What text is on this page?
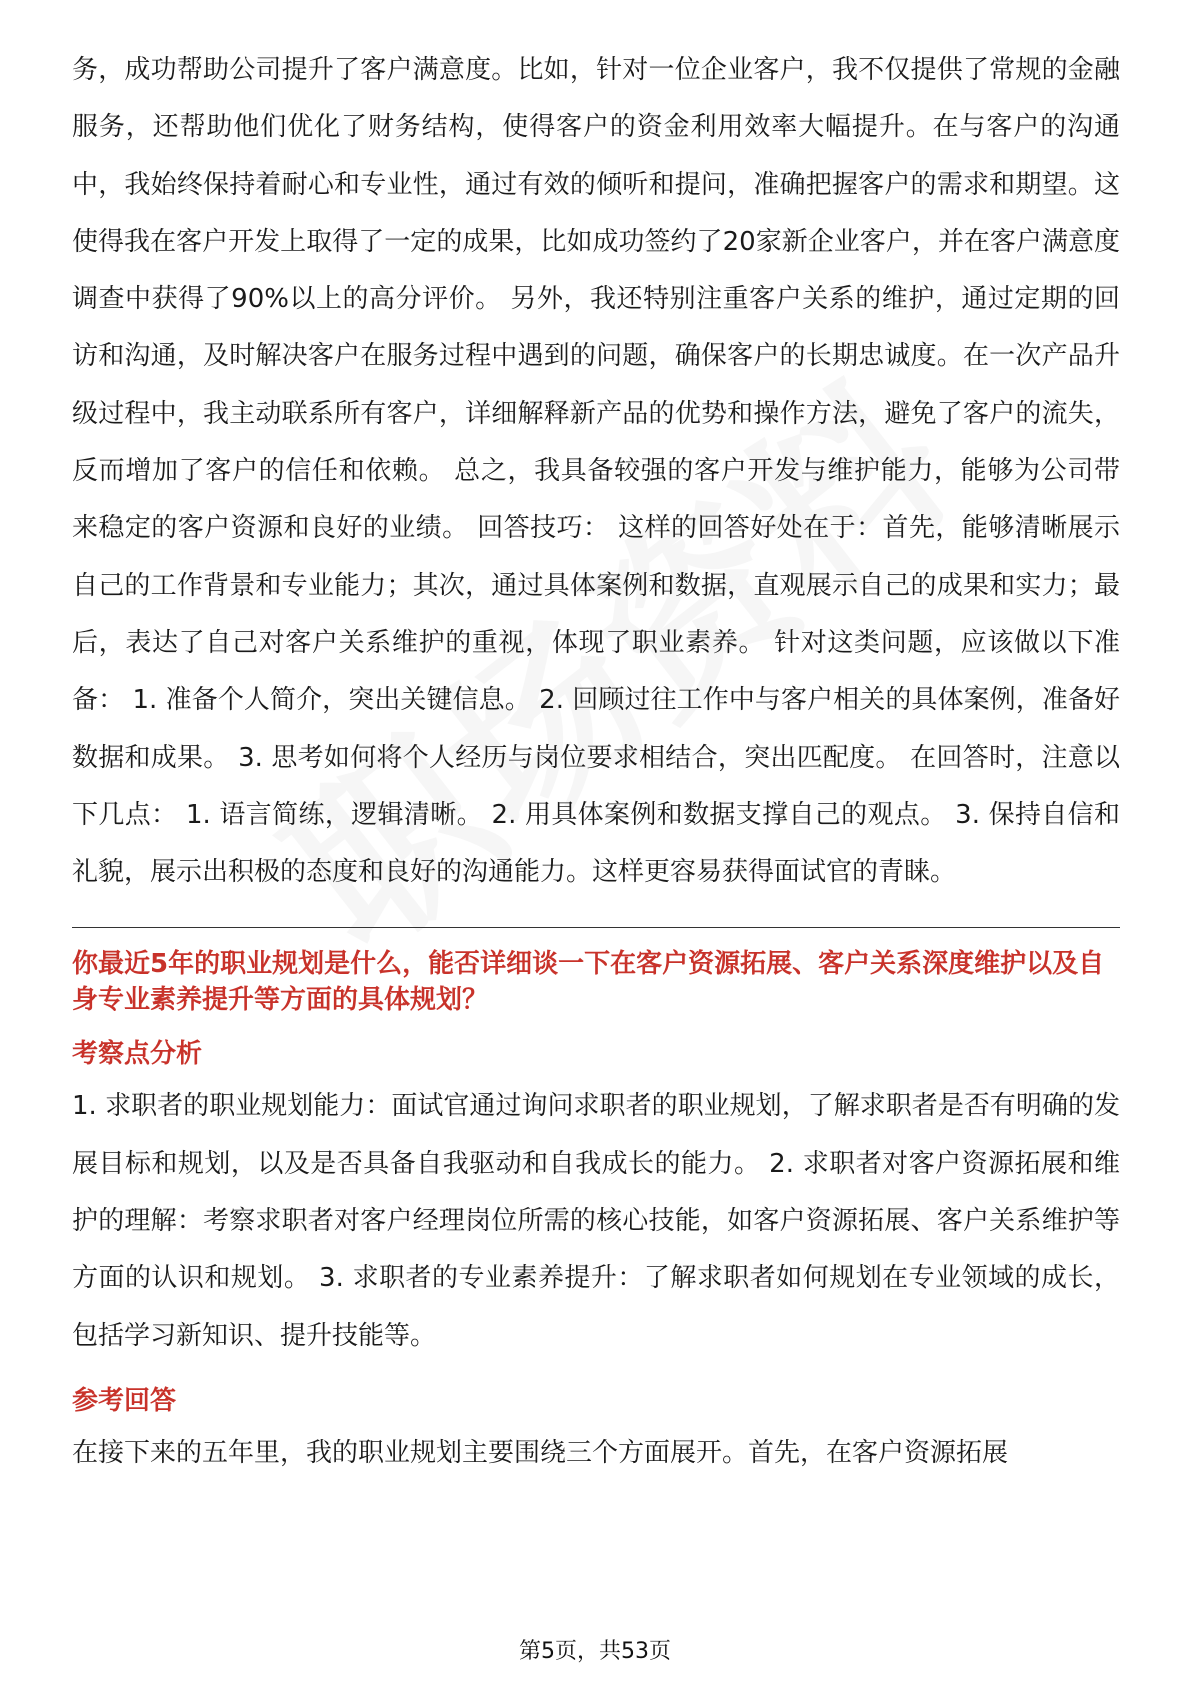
务，成功帮助公司提升了客户满意度。比如，针对一位企业客户，我不仅提供了常规的金融服务，还帮助他们优化了财务结构，使得客户的资金利用效率大幅提升。在与客户的沟通中，我始终保持着耐心和专业性，通过有效的倾听和提问，准确把握客户的需求和期望。这使得我在客户开发上取得了一定的成果，比如成功签约了20家新企业客户，并在客户满意度调查中获得了90%以上的高分评价。 另外，我还特别注重客户关系的维护，通过定期的回访和沟通，及时解决客户在服务过程中遇到的问题，确保客户的长期忠诚度。在一次产品升级过程中，我主动联系所有客户，详细解释新产品的优势和操作方法，避免了客户的流失，反而增加了客户的信任和依赖。 总之，我具备较强的客户开发与维护能力，能够为公司带来稳定的客户资源和良好的业绩。 回答技巧： 这样的回答好处在于：首先，能够清晰展示自己的工作背景和专业能力；其次，通过具体案例和数据，直观展示自己的成果和实力；最后，表达了自己对客户关系维护的重视，体现了职业素养。 针对这类问题，应该做以下准备： 1. 准备个人简介，突出关键信息。 2. 回顾过往工作中与客户相关的具体案例，准备好数据和成果。 3. 思考如何将个人经历与岗位要求相结合，突出匹配度。 在回答时，注意以下几点： 1. 语言简练，逻辑清晰。 2. 用具体案例和数据支撑自己的观点。 3. 保持自信和礼貌，展示出积极的态度和良好的沟通能力。这样更容易获得面试官的青睐。

你最近5年的职业规划是什么，能否详细谈一下在客户资源拓展、客户关系深度维护以及自身专业素养提升等方面的具体规划？

考察点分析

1. 求职者的职业规划能力：面试官通过询问求职者的职业规划，了解求职者是否有明确的发展目标和规划，以及是否具备自我驱动和自我成长的能力。 2. 求职者对客户资源拓展和维护的理解：考察求职者对客户经理岗位所需的核心技能，如客户资源拓展、客户关系维护等方面的认识和规划。 3. 求职者的专业素养提升：了解求职者如何规划在专业领域的成长，包括学习新知识、提升技能等。

参考回答

在接下来的五年里，我的职业规划主要围绕三个方面展开。首先，在客户资源拓展

第5页，共53页
